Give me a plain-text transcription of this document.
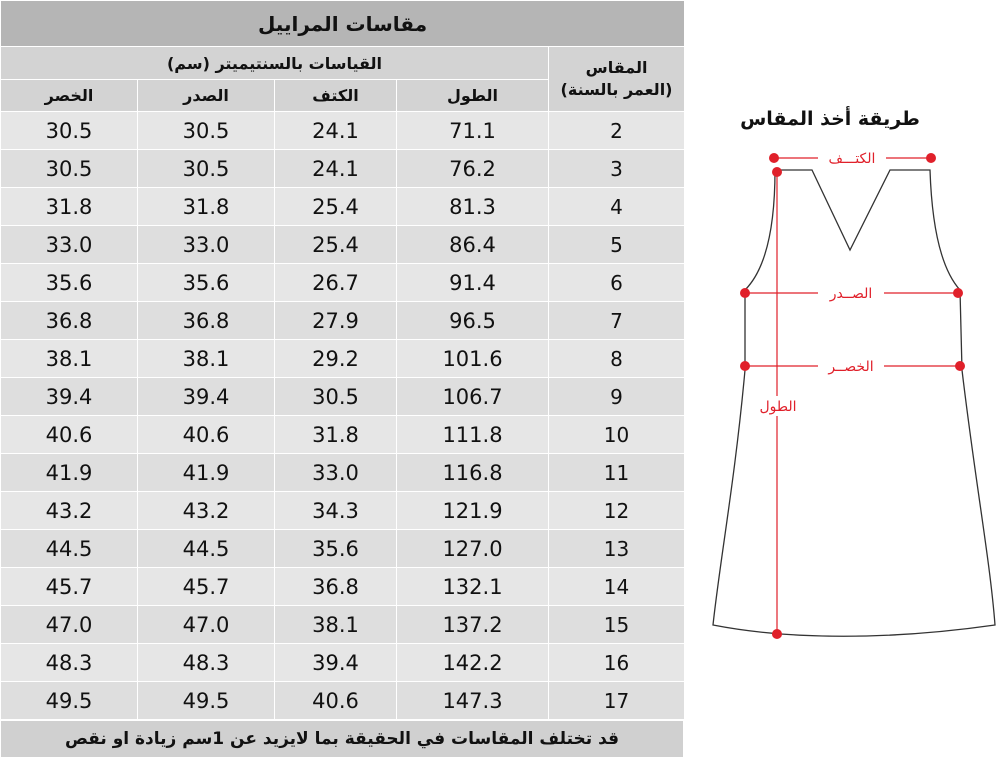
مقاسات المراييل				
القياسات بالسنتيميتر (سم)				المقاس
(العمر بالسنة)

الخصر	الصدر	الكتف	الطول	
30.5	30.5	24.1	71.1	2
30.5	30.5	24.1	76.2	3
31.8	31.8	25.4	81.3	4
33.0	33.0	25.4	86.4	5
35.6	35.6	26.7	91.4	6
36.8	36.8	27.9	96.5	7
38.1	38.1	29.2	101.6	8
39.4	39.4	30.5	106.7	9
40.6	40.6	31.8	111.8	10
41.9	41.9	33.0	116.8	11
43.2	43.2	34.3	121.9	12
44.5	44.5	35.6	127.0	13
45.7	45.7	36.8	132.1	14
47.0	47.0	38.1	137.2	15
48.3	48.3	39.4	142.2	16
49.5	49.5	40.6	147.3	17
قد تختلف المقاسات في الحقيقة بما لايزيد عن 1سم زيادة او نقص
طريقة أخذ المقاس
الكتـــف
الصــدر
الخصــر
الطول
